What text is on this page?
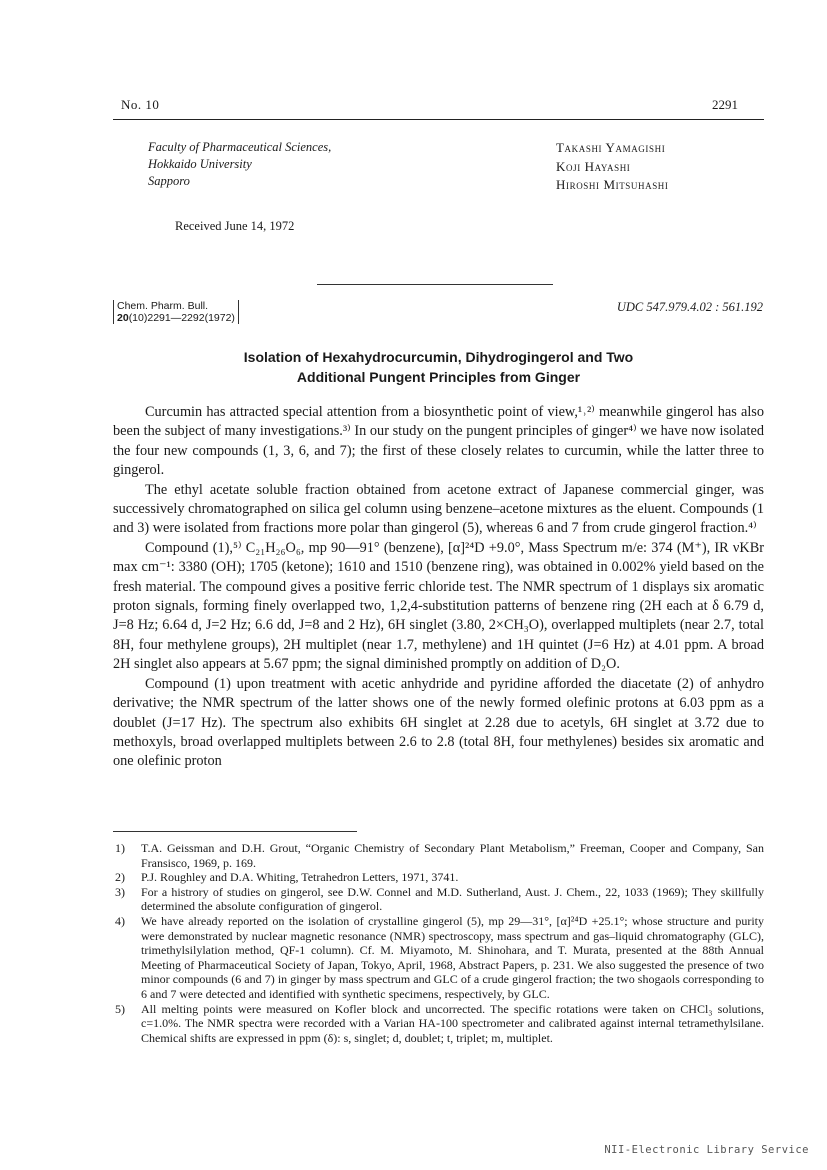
No. 10	2291
Faculty of Pharmaceutical Sciences,
Hokkaido University
Sapporo
Takashi Yamagishi
Koji Hayashi
Hiroshi Mitsuhashi
Received June 14, 1972
Chem. Pharm. Bull.
20(10)2291—2292(1972)
UDC 547.979.4.02 : 561.192
Isolation of Hexahydrocurcumin, Dihydrogingerol and Two
Additional Pungent Principles from Ginger

Curcumin has attracted special attention from a biosynthetic point of view,¹˒²⁾ meanwhile gingerol has also been the subject of many investigations.³⁾ In our study on the pungent principles of ginger⁴⁾ we have now isolated the four new compounds (1, 3, 6, and 7); the first of these closely relates to curcumin, while the latter three to gingerol.

The ethyl acetate soluble fraction obtained from acetone extract of Japanese commercial ginger, was successively chromatographed on silica gel column using benzene–acetone mixtures as the eluent. Compounds (1 and 3) were isolated from fractions more polar than gingerol (5), whereas 6 and 7 from crude gingerol fraction.⁴⁾

Compound (1),⁵⁾ C₂₁H₂₆O₆, mp 90—91° (benzene), [α]²⁴D +9.0°, Mass Spectrum m/e: 374 (M⁺), IR νKBr max cm⁻¹: 3380 (OH); 1705 (ketone); 1610 and 1510 (benzene ring), was obtained in 0.002% yield based on the fresh material. The compound gives a positive ferric chloride test. The NMR spectrum of 1 displays six aromatic proton signals, forming finely overlapped two, 1,2,4-substitution patterns of benzene ring (2H each at δ 6.79 d, J=8 Hz; 6.64 d, J=2 Hz; 6.6 dd, J=8 and 2 Hz), 6H singlet (3.80, 2×CH₃O), overlapped multiplets (near 2.7, total 8H, four methylene groups), 2H multiplet (near 1.7, methylene) and 1H quintet (J=6 Hz) at 4.01 ppm. A broad 2H singlet also appears at 5.67 ppm; the signal diminished promptly on addition of D₂O.

Compound (1) upon treatment with acetic anhydride and pyridine afforded the diacetate (2) of anhydro derivative; the NMR spectrum of the latter shows one of the newly formed olefinic protons at 6.03 ppm as a doublet (J=17 Hz). The spectrum also exhibits 6H singlet at 2.28 due to acetyls, 6H singlet at 3.72 due to methoxyls, broad overlapped multiplets between 2.6 to 2.8 (total 8H, four methylenes) besides six aromatic and one olefinic proton

1)	T.A. Geissman and D.H. Grout, “Organic Chemistry of Secondary Plant Metabolism,” Freeman, Cooper and Company, San Fransisco, 1969, p. 169.
2)	P.J. Roughley and D.A. Whiting, Tetrahedron Letters, 1971, 3741.
3)	For a histrory of studies on gingerol, see D.W. Connel and M.D. Sutherland, Aust. J. Chem., 22, 1033 (1969); They skillfully determined the absolute configuration of gingerol.
4)	We have already reported on the isolation of crystalline gingerol (5), mp 29—31°, [α]²⁴D +25.1°; whose structure and purity were demonstrated by nuclear magnetic resonance (NMR) spectroscopy, mass spectrum and gas–liquid chromatography (GLC), trimethylsilylation method, QF-1 column). Cf. M. Miyamoto, M. Shinohara, and T. Murata, presented at the 88th Annual Meeting of Pharmaceutical Society of Japan, Tokyo, April, 1968, Abstract Papers, p. 231. We also suggested the presence of two minor compounds (6 and 7) in ginger by mass spectrum and GLC of a crude gingerol fraction; the two shogaols corresponding to 6 and 7 were detected and identified with synthetic specimens, respectively, by GLC.
5)	All melting points were measured on Kofler block and uncorrected. The specific rotations were taken on CHCl₃ solutions, c=1.0%. The NMR spectra were recorded with a Varian HA-100 spectrometer and calibrated against internal tetramethylsilane. Chemical shifts are expressed in ppm (δ): s, singlet; d, doublet; t, triplet; m, multiplet.
NII-Electronic Library Service
